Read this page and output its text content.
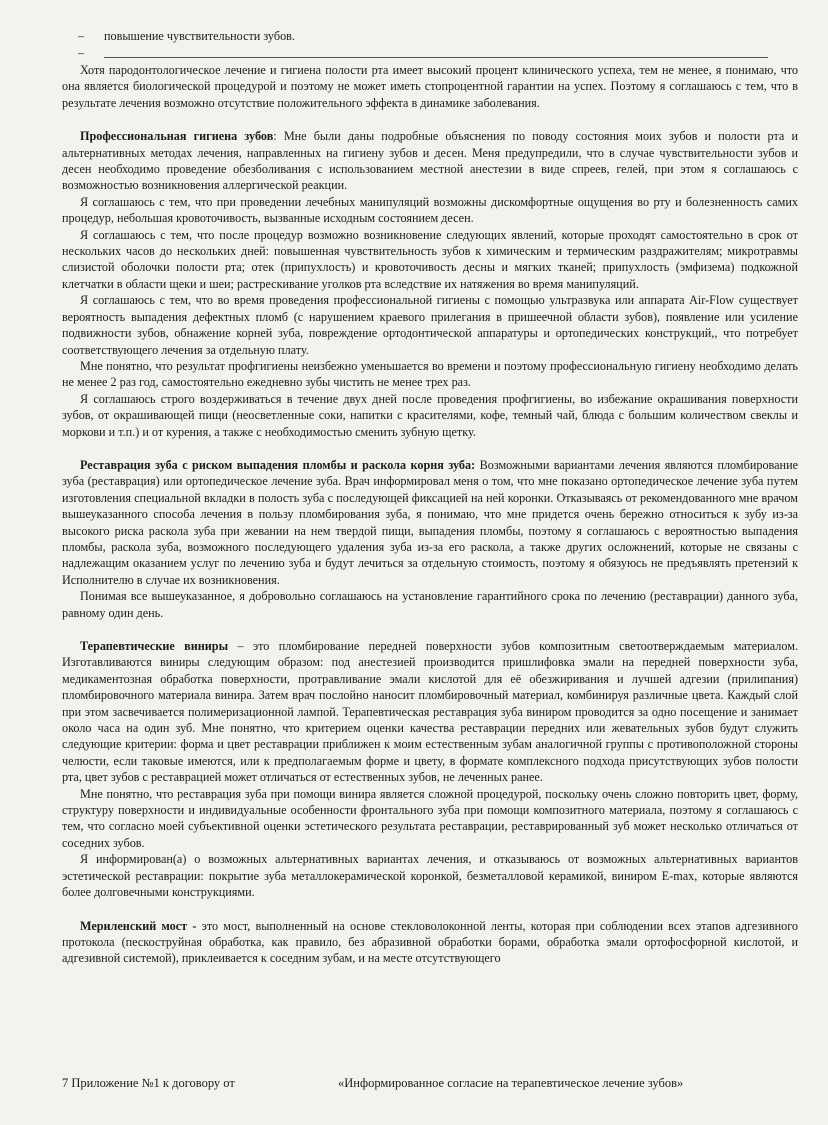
–	повышение чувствительности зубов.
–

Хотя пародонтологическое лечение и гигиена полости рта имеет высокий процент клинического успеха, тем не менее, я понимаю, что она является биологической процедурой и поэтому не может иметь стопроцентной гарантии на успех. Поэтому я соглашаюсь с тем, что в результате лечения возможно отсутствие положительного эффекта в динамике заболевания.

Профессиональная гигиена зубов: Мне были даны подробные объяснения по поводу состояния моих зубов и полости рта и альтернативных методах лечения, направленных на гигиену зубов и десен. Меня предупредили, что в случае чувствительности зубов и десен необходимо проведение обезболивания с использованием местной анестезии в виде спреев, гелей, при этом я соглашаюсь с возможностью возникновения аллергической реакции.

Я соглашаюсь с тем, что при проведении лечебных манипуляций возможны дискомфортные ощущения во рту и болезненность самих процедур, небольшая кровоточивость, вызванные исходным состоянием десен.

Я соглашаюсь с тем, что после процедур возможно возникновение следующих явлений, которые проходят самостоятельно в срок от нескольких часов до нескольких дней: повышенная чувствительность зубов к химическим и термическим раздражителям; микротравмы слизистой оболочки полости рта; отек (припухлость) и кровоточивость десны и мягких тканей; припухлость (эмфизема) подкожной клетчатки в области щеки и шеи; растрескивание уголков рта вследствие их натяжения во время манипуляций.

Я соглашаюсь с тем, что во время проведения профессиональной гигиены с помощью ультразвука или аппарата Air-Flow существует вероятность выпадения дефектных пломб (с нарушением краевого прилегания в пришеечной области зубов), появление или усиление подвижности зубов, обнажение корней зуба, повреждение ортодонтической аппаратуры и ортопедических конструкций,, что потребует соответствующего лечения за отдельную плату.

Мне понятно, что результат профгигиены неизбежно уменьшается во времени и поэтому профессиональную гигиену необходимо делать не менее 2 раз год, самостоятельно ежедневно зубы чистить не менее трех раз.

Я соглашаюсь строго воздерживаться в течение двух дней после проведения профгигиены, во избежание окрашивания поверхности зубов, от окрашивающей пищи (неосветленные соки, напитки с красителями, кофе, темный чай, блюда с большим количеством свеклы и моркови и т.п.) и от курения, а также с необходимостью сменить зубную щетку.

Реставрация зуба с риском выпадения пломбы и раскола корня зуба: Возможными вариантами лечения являются пломбирование зуба (реставрация) или ортопедическое лечение зуба. Врач информировал меня о том, что мне показано ортопедическое лечение зуба путем изготовления специальной вкладки в полость зуба с последующей фиксацией на ней коронки. Отказываясь от рекомендованного мне врачом вышеуказанного способа лечения в пользу пломбирования зуба, я понимаю, что мне придется очень бережно относиться к зубу из-за высокого риска раскола зуба при жевании на нем твердой пищи, выпадения пломбы, поэтому я соглашаюсь с вероятностью выпадения пломбы, раскола зуба, возможного последующего удаления зуба из-за его раскола, а также других осложнений, которые не связаны с надлежащим оказанием услуг по лечению зуба и будут лечиться за отдельную стоимость, поэтому я обязуюсь не предъявлять претензий к Исполнителю в случае их возникновения.

Понимая все вышеуказанное, я добровольно соглашаюсь на установление гарантийного срока по лечению (реставрации) данного зуба, равному один день.

Терапевтические виниры – это пломбирование передней поверхности зубов композитным светоотверждаемым материалом. Изготавливаются виниры следующим образом: под анестезией производится пришлифовка эмали на передней поверхности зуба, медикаментозная обработка поверхности, протравливание эмали кислотой для её обезжиривания и лучшей адгезии (прилипания) пломбировочного материала винира. Затем врач послойно наносит пломбировочный материал, комбинируя различные цвета. Каждый слой при этом засвечивается полимеризационной лампой. Терапевтическая реставрация зуба виниром проводится за одно посещение и занимает около часа на один зуб. Мне понятно, что критерием оценки качества реставрации передних или жевательных зубов будут служить следующие критерии: форма и цвет реставрации приближен к моим естественным зубам аналогичной группы с противоположной стороны челюсти, если таковые имеются, или к предполагаемым форме и цвету, в формате комплексного подхода присутствующих зубов полости рта, цвет зубов с реставрацией может отличаться от естественных зубов, не леченных ранее.

Мне понятно, что реставрация зуба при помощи винира является сложной процедурой, поскольку очень сложно повторить цвет, форму, структуру поверхности и индивидуальные особенности фронтального зуба при помощи композитного материала, поэтому я соглашаюсь с тем, что согласно моей субъективной оценки эстетического результата реставрации, реставрированный зуб может несколько отличаться от соседних зубов.

Я информирован(а) о возможных альтернативных вариантах лечения, и отказываюсь от возможных альтернативных вариантов эстетической реставрации: покрытие зуба металлокерамической коронкой, безметалловой керамикой, виниром E-max, которые являются более долговечными конструкциями.

Мериленский мост - это мост, выполненный на основе стекловолоконной ленты, которая при соблюдении всех этапов адгезивного протокола (пескоструйная обработка, как правило, без абразивной обработки борами, обработка эмали ортофосфорной кислотой, и адгезивной системой), приклеивается к соседним зубам, и на месте отсутствующего

7 Приложение №1 к договору от	«Информированное согласие на терапевтическое лечение зубов»
